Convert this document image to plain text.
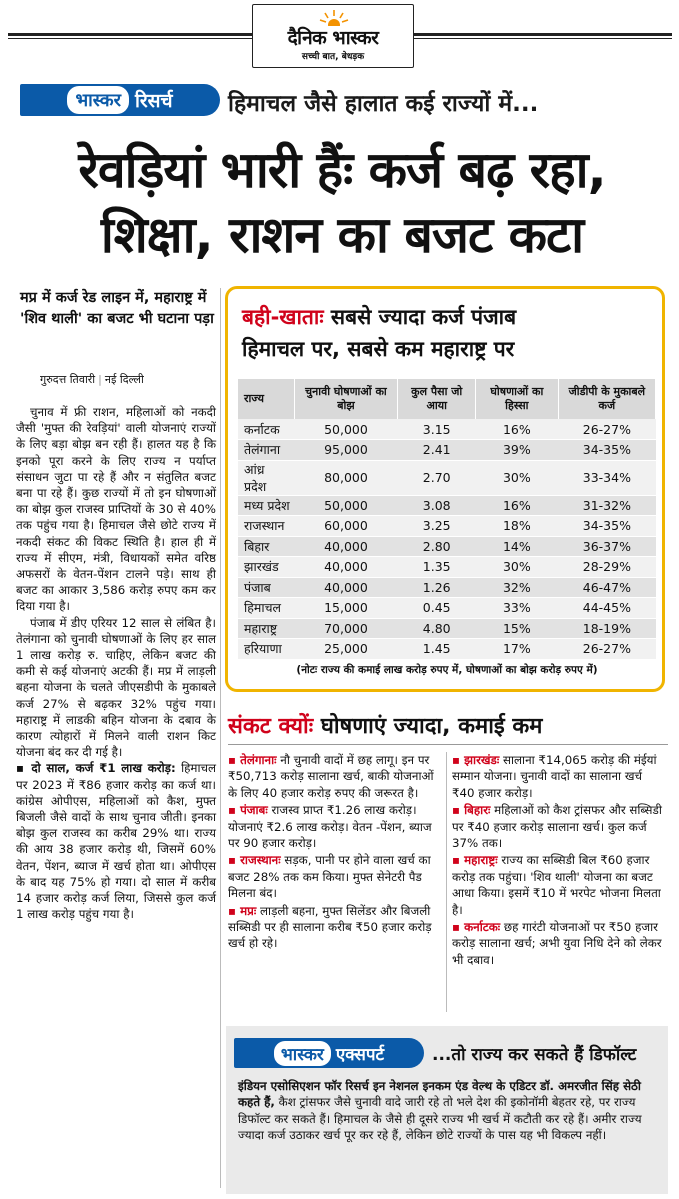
दैनिक भास्कर
सच्ची बात, बेधड़क
भास्कर रिसर्च हिमाचल जैसे हालात कई राज्यों में...
रेवड़ियां भारी हैंः कर्ज बढ़ रहा,
शिक्षा, राशन का बजट कटा
मप्र में कर्ज रेड लाइन में, महाराष्ट्र में 'शिव थाली' का बजट भी घटाना पड़ा
गुरुदत्त तिवारी | नई दिल्ली

चुनाव में फ्री राशन, महिलाओं को नकदी जैसी 'मुफ्त की रेवड़ियां' वाली योजनाएं राज्यों के लिए बड़ा बोझ बन रही हैं। हालत यह है कि इनको पूरा करने के लिए राज्य न पर्याप्त संसाधन जुटा पा रहे हैं और न संतुलित बजट बना पा रहे हैं। कुछ राज्यों में तो इन घोषणाओं का बोझ कुल राजस्व प्राप्तियों के 30 से 40% तक पहुंच गया है। हिमाचल जैसे छोटे राज्य में नकदी संकट की विकट स्थिति है। हाल ही में राज्य में सीएम, मंत्री, विधायकों समेत वरिष्ठ अफसरों के वेतन-पेंशन टालने पड़े। साथ ही बजट का आकार 3,586 करोड़ रुपए कम कर दिया गया है।

पंजाब में डीए एरियर 12 साल से लंबित है। तेलंगाना को चुनावी घोषणाओं के लिए हर साल 1 लाख करोड़ रु. चाहिए, लेकिन बजट की कमी से कई योजनाएं अटकी हैं। मप्र में लाड़ली बहना योजना के चलते जीएसडीपी के मुकाबले कर्ज 27% से बढ़कर 32% पहुंच गया। महाराष्ट्र में लाडकी बहिन योजना के दबाव के कारण त्योहारों में मिलने वाली राशन किट योजना बंद कर दी गई है।

▪ दो साल, कर्ज ₹1 लाख करोड़: हिमाचल पर 2023 में ₹86 हजार करोड़ का कर्ज था। कांग्रेस ओपीएस, महिलाओं को कैश, मुफ्त बिजली जैसे वादों के साथ चुनाव जीती। इनका बोझ कुल राजस्व का करीब 29% था। राज्य की आय 38 हजार करोड़ थी, जिसमें 60% वेतन, पेंशन, ब्याज में खर्च होता था। ओपीएस के बाद यह 75% हो गया। दो साल में करीब 14 हजार करोड़ कर्ज लिया, जिससे कुल कर्ज 1 लाख करोड़ पहुंच गया है।

बही-खाताः सबसे ज्यादा कर्ज पंजाब
हिमाचल पर, सबसे कम महाराष्ट्र पर
राज्य	चुनावी घोषणाओं का बोझ	कुल पैसा जो आया	घोषणाओं का हिस्सा	जीडीपी के मुकाबले कर्ज
कर्नाटक	50,000	3.15	16%	26-27%
तेलंगाना	95,000	2.41	39%	34-35%
आंध्र प्रदेश	80,000	2.70	30%	33-34%
मध्य प्रदेश	50,000	3.08	16%	31-32%
राजस्थान	60,000	3.25	18%	34-35%
बिहार	40,000	2.80	14%	36-37%
झारखंड	40,000	1.35	30%	28-29%
पंजाब	40,000	1.26	32%	46-47%
हिमाचल	15,000	0.45	33%	44-45%
महाराष्ट्र	70,000	4.80	15%	18-19%
हरियाणा	25,000	1.45	17%	26-27%
(नोटः राज्य की कमाई लाख करोड़ रुपए में, घोषणाओं का बोझ करोड़ रुपए में)
संकट क्योंः घोषणाएं ज्यादा, कमाई कम

▪ तेलंगानाः नौ चुनावी वादों में छह लागू। इन पर ₹50,713 करोड़ सालाना खर्च, बाकी योजनाओं के लिए 40 हजार करोड़ रुपए की जरूरत है।

▪ पंजाबः राजस्व प्राप्त ₹1.26 लाख करोड़। योजनाएं ₹2.6 लाख करोड़। वेतन -पेंशन, ब्याज पर 90 हजार करोड़।

▪ राजस्थानः सड़क, पानी पर होने वाला खर्च का बजट 28% तक कम किया। मुफ्त सेनेटरी पैड मिलना बंद।

▪ मप्रः लाड़ली बहना, मुफ्त सिलेंडर और बिजली सब्सिडी पर ही सालाना करीब ₹50 हजार करोड़ खर्च हो रहे।

▪ झारखंडः सालाना ₹14,065 करोड़ की मंईयां सम्मान योजना। चुनावी वादों का सालाना खर्च ₹40 हजार करोड़।

▪ बिहारः महिलाओं को कैश ट्रांसफर और सब्सिडी पर ₹40 हजार करोड़ सालाना खर्च। कुल कर्ज 37% तक।

▪ महाराष्ट्रः राज्य का सब्सिडी बिल ₹60 हजार करोड़ तक पहुंचा। 'शिव थाली' योजना का बजट आधा किया। इसमें ₹10 में भरपेट भोजना मिलता है।

▪ कर्नाटकः छह गारंटी योजनाओं पर ₹50 हजार करोड़ सालाना खर्च; अभी युवा निधि देने को लेकर भी दबाव।

भास्कर एक्सपर्ट	...तो राज्य कर सकते हैं डिफॉल्ट
इंडियन एसोसिएशन फॉर रिसर्च इन नेशनल इनकम एंड वेल्थ के एडिटर डॉ. अमरजीत सिंह सेठी कहते हैं, कैश ट्रांसफर जैसे चुनावी वादे जारी रहे तो भले देश की इकोनॉमी बेहतर रहे, पर राज्य डिफॉल्ट कर सकते हैं। हिमाचल के जैसे ही दूसरे राज्य भी खर्च में कटौती कर रहे हैं। अमीर राज्य ज्यादा कर्ज उठाकर खर्च पूर कर रहे हैं, लेकिन छोटे राज्यों के पास यह भी विकल्प नहीं।
